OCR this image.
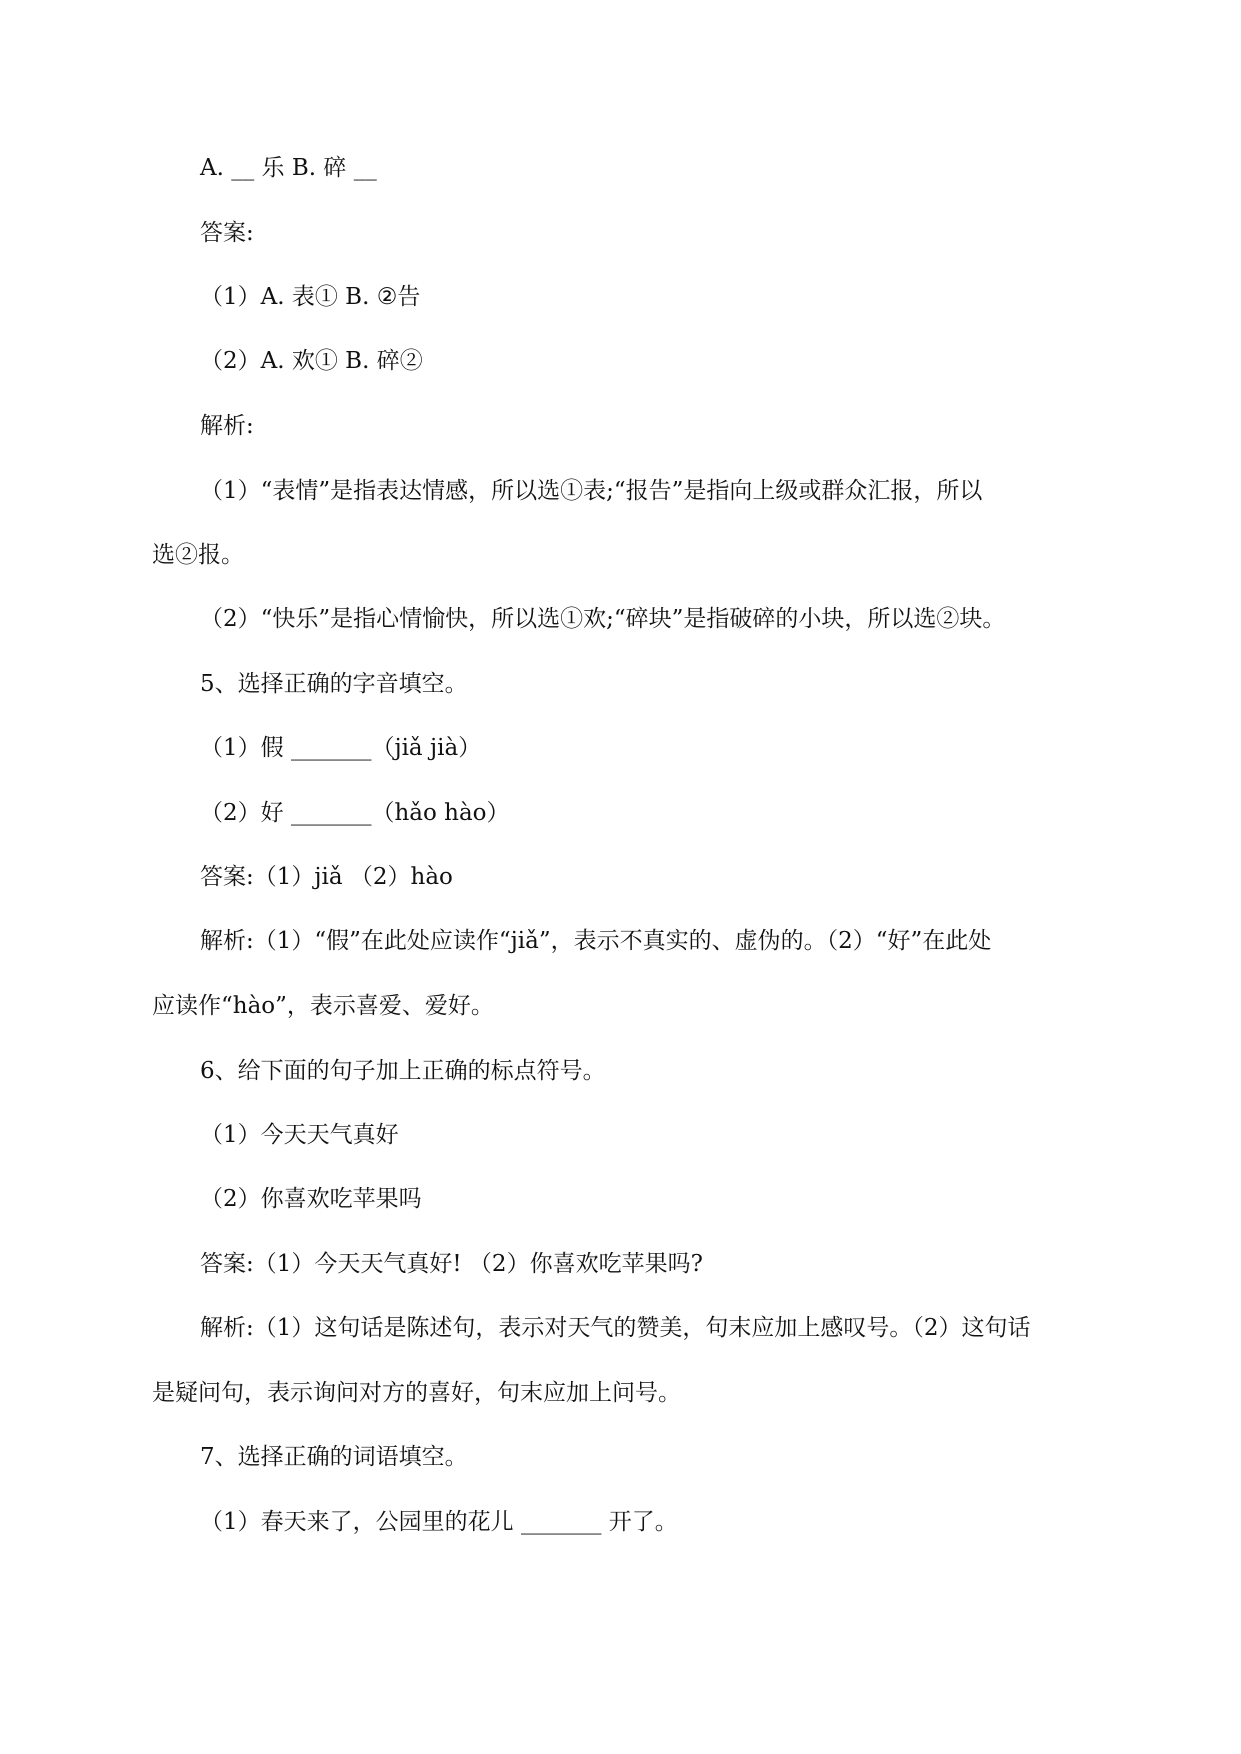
A. __ 乐 B. 碎 __
答案:
（1）A. 表① B. ②告
（2）A. 欢① B. 碎②
解析:
（1）“表情”是指表达情感，所以选①表;“报告”是指向上级或群众汇报，所以
选②报。
（2）“快乐”是指心情愉快，所以选①欢;“碎块”是指破碎的小块，所以选②块。
5、选择正确的字音填空。
（1）假 _______（jiǎ jià）
（2）好 _______（hǎo hào）
答案:（1）jiǎ （2）hào
解析:（1）“假”在此处应读作“jiǎ”，表示不真实的、虚伪的。（2）“好”在此处
应读作“hào”，表示喜爱、爱好。
6、给下面的句子加上正确的标点符号。
（1）今天天气真好
（2）你喜欢吃苹果吗
答案:（1）今天天气真好! （2）你喜欢吃苹果吗?
解析:（1）这句话是陈述句，表示对天气的赞美，句末应加上感叹号。（2）这句话
是疑问句，表示询问对方的喜好，句末应加上问号。
7、选择正确的词语填空。
（1）春天来了，公园里的花儿 _______ 开了。
